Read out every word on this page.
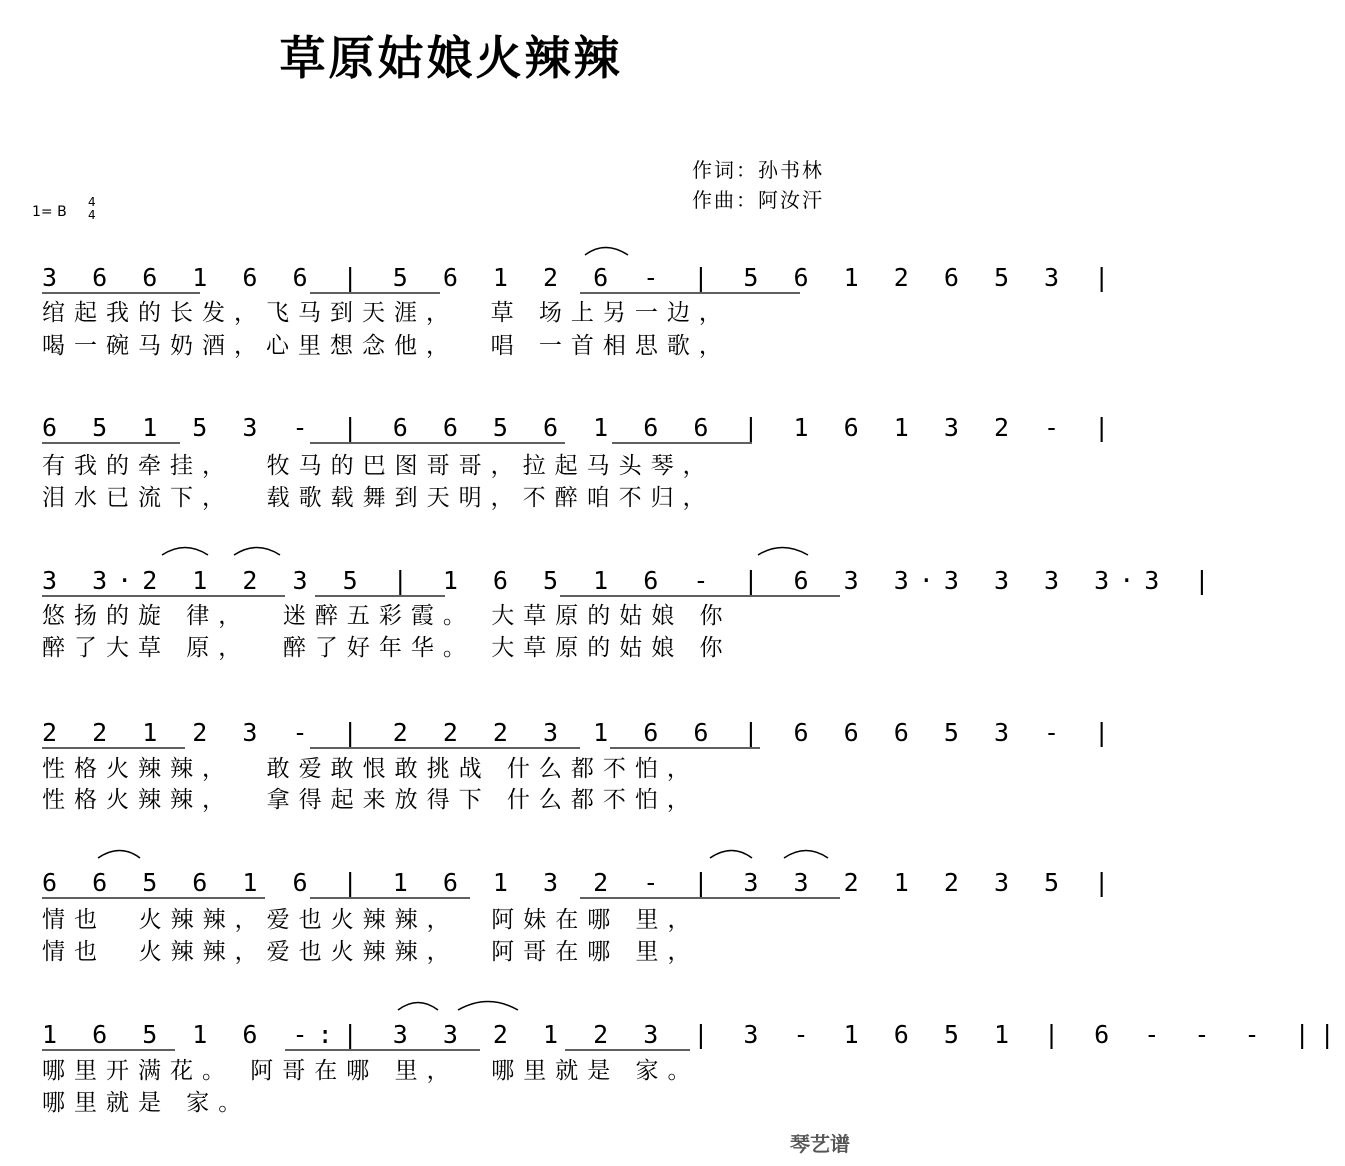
草原姑娘火辣辣
作词：孙书林
作曲：阿汝汗
1= B
4
4
3 6 6 1 6 6 | 5 6 1 2 6 - | 5 6 1 2 6 5 3 |
绾起我的长发，飞马到天涯，  草 场上另一边，
喝一碗马奶酒，心里想念他，  唱 一首相思歌，
6 5 1 5 3 - | 6 6 5 6 1 6 6 | 1 6 1 3 2 - |
有我的牵挂，  牧马的巴图哥哥，拉起马头琴，
泪水已流下，  载歌载舞到天明，不醉咱不归，
3 3·2 1 2 3 5 | 1 6 5 1 6 - | 6 3 3·3 3 3 3·3 |
悠扬的旋 律，  迷醉五彩霞。 大草原的姑娘 你
醉了大草 原，  醉了好年华。 大草原的姑娘 你
2 2 1 2 3 - | 2 2 2 3 1 6 6 | 6 6 6 5 3 - |
性格火辣辣，  敢爱敢恨敢挑战 什么都不怕，
性格火辣辣，  拿得起来放得下 什么都不怕，
6 6 5 6 1 6 | 1 6 1 3 2 - | 3 3 2 1 2 3 5 |
情也  火辣辣，爱也火辣辣，  阿妹在哪 里，
情也  火辣辣，爱也火辣辣，  阿哥在哪 里，
1 6 5 1 6 -:| 3 3 2 1 2 3 | 3 - 1 6 5 1 | 6 - - - ||
哪里开满花。 阿哥在哪 里，  哪里就是 家。
哪里就是 家。
琴艺谱
